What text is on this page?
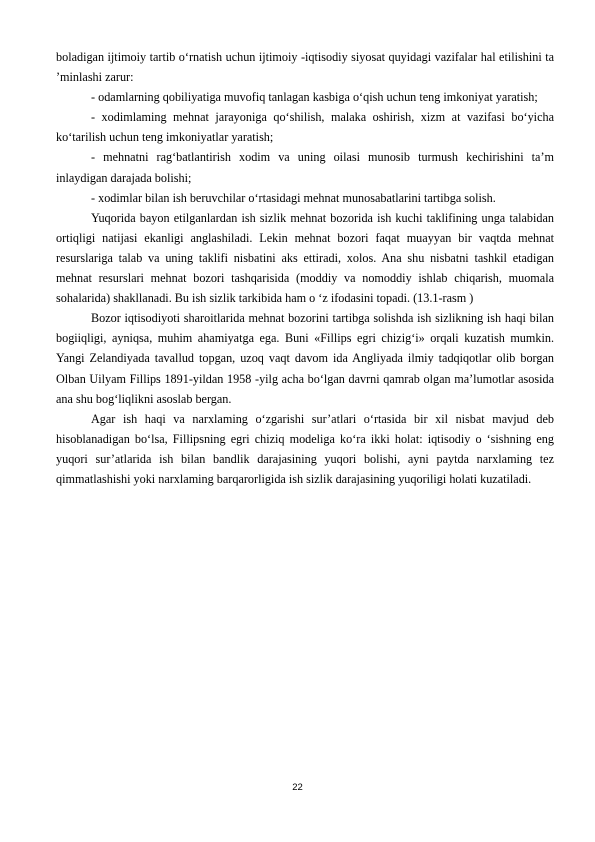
boladigan ijtimoiy tartib o‘rnatish uchun ijtimoiy -iqtisodiy siyosat quyidagi vazifalar hal etilishini ta ’minlashi zarur:

- odamlarning qobiliyatiga muvofiq tanlagan kasbiga o‘qish uchun teng imkoniyat yaratish;

- xodimlaming mehnat jarayoniga qo‘shilish, malaka oshirish, xizm at vazifasi bo‘yicha ko‘tarilish uchun teng imkoniyatlar yaratish;

- mehnatni rag‘batlantirish xodim va uning oilasi munosib turmush kechirishini ta’m inlaydigan darajada bolishi;

- xodimlar bilan ish beruvchilar o‘rtasidagi mehnat munosabatlarini tartibga solish.

Yuqorida bayon etilganlardan ish sizlik mehnat bozorida ish kuchi taklifining unga talabidan ortiqligi natijasi ekanligi anglashiladi. Lekin mehnat bozori faqat muayyan bir vaqtda mehnat resurslariga talab va uning taklifi nisbatini aks ettiradi, xolos. Ana shu nisbatni tashkil etadigan mehnat resurslari mehnat bozori tashqarisida (moddiy va nomoddiy ishlab chiqarish, muomala sohalarida) shakllanadi. Bu ish sizlik tarkibida ham o ‘z ifodasini topadi. (13.1-rasm )

Bozor iqtisodiyoti sharoitlarida mehnat bozorini tartibga solishda ish sizlikning ish haqi bilan bogiiqligi, ayniqsa, muhim ahamiyatga ega. Buni «Fillips egri chizig‘i» orqali kuzatish mumkin. Yangi Zelandiyada tavallud topgan, uzoq vaqt davom ida Angliyada ilmiy tadqiqotlar olib borgan Olban Uilyam Fillips 1891-yildan 1958 -yilg acha bo‘lgan davrni qamrab olgan ma’lumotlar asosida ana shu bog‘liqlikni asoslab bergan.

Agar ish haqi va narxlaming o‘zgarishi sur’atlari o‘rtasida bir xil nisbat mavjud deb hisoblanadigan bo‘lsa, Fillipsning egri chiziq modeliga ko‘ra ikki holat: iqtisodiy o ‘sishning eng yuqori sur’atlarida ish bilan bandlik darajasining yuqori bolishi, ayni paytda narxlaming tez qimmatlashishi yoki narxlaming barqarorligida ish sizlik darajasining yuqoriligi holati kuzatiladi.

22
